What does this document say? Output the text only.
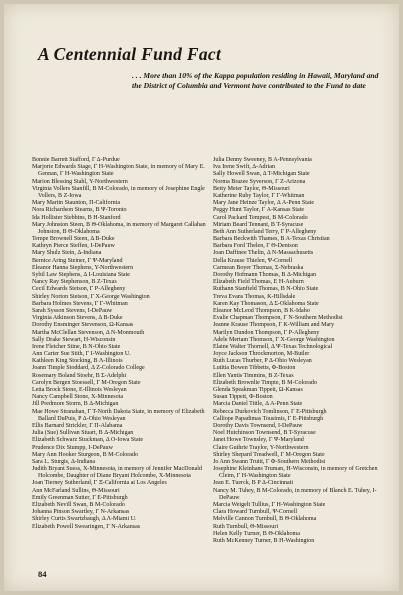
A Centennial Fund Fact

. . . More than 10% of the Kappa population residing in Hawaii, Maryland and the District of Columbia and Vermont have contributed to the Fund to date

Bonnie Barrett Stafford, Γ Δ-Purdue
Marjorie Edwards Stage, Γ H-Washington State, in memory of Mary E. Gennan, Γ H-Washington State
Marion Blessing Stahl, Υ-Northwestern
Virginia Vollers Stanfill, B M-Colorado, in memory of Josephine Engle Vollers, B Z-Iowa
Mary Martin Staunton, Π-California
Nora Richardson Stearns, B Ψ-Toronto
Ida Hollister Stebbins, B H-Stanford
Mary Johnston Steen, B Θ-Oklahoma, in memory of Margaret Callahan Johnston, B Θ-Oklahoma
Tempe Brownell Steen, Δ B-Duke
Kathryn Pierce Steffen, I-DePauw
Mary Shulz Stein, Δ-Indiana
Bernice Aring Steiner, Γ Ψ-Maryland
Eleanor Hanna Stephens, Υ-Northwestern
Sybil Law Stephens, Δ I-Louisiana State
Nancy Ray Stephenson, B Z-Texas
Cecil Edwards Stetson, Γ P-Allegheny
Shirley Norton Stetson, Γ X-George Washington
Barbara Holmes Stevens, Γ Γ-Whitman
Sarah Sysson Stevens, I-DePauw
Virginia Atkinson Stevens, Δ B-Duke
Dorothy Ensminger Stevenson, Ω-Kansas
Martha McClellan Stevenson, Δ N-Monmouth
Sally Drake Stewart, H-Wisconsin
Irene Fletcher Stine, B N-Ohio State
Ann Carter Sue Stith, Γ I-Washington U.
Kathleen King Stocking, B Λ-Illinois
Joann Timple Stoddard, Δ Z-Colorado College
Rosemary Boland Stoehr, B Σ-Adelphi
Carolyn Bergen Stoessell, Γ M-Oregon State
Letta Brock Stone, E-Illinois Wesleyan
Nancy Campbell Stone, X-Minnesota
Jill Predmore Storm, B Δ-Michigan
Mae Howe Stranahan, Γ T-North Dakota State, in memory of Elizabeth Ballard DuPuis, P Δ-Ohio Wesleyan
Ellis Barnard Strickler, Γ Π-Alabama
Julia (Sue) Sullivan Stuart, B Δ-Michigan
Elizabeth Schwarz Stuckman, Δ O-Iowa State
Prudence Dix Stumpp, I-DePauw
Mary Ann Hooker Sturgeon, B M-Colorado
Sara L. Sturgis, Δ-Indiana
Judith Bryant Suess, X-Minnesota, in memory of Jennifer MacDonald Holcombe, Daughter of Diane Bryant Holcombe, X-Minnesota
Joan Tierney Sutherland, Γ Ξ-California at Los Angeles
Ann McFarland Sullins, Θ-Missouri
Emily Greenman Sutter, Γ E-Pittsburgh
Elizabeth Nevill Swan, B M-Colorado
Johanna Pinson Swartley, Γ N-Arkansas
Shirley Curtis Swartzbaugh, Δ Λ-Miami U.
Elizabeth Powell Swearingen, Γ N-Arkansas
Julia Denny Sweeney, B A-Pennsylvania
Iva Irene Swift, Δ-Adrian
Sally Howell Swan, Δ T-Michigan State
Norma Brazee Syverson, Γ Z-Arizona
Betty Meier Taylor, Θ-Missouri
Katherine Ruby Taylor, Γ Γ-Whitman
Mary Jane Heinze Taylor, Δ A-Penn State
Peggy Hunt Taylor, Γ A-Kansas State
Carol Packard Tempest, B M-Colorado
Miriam Beard Tennant, B T-Syracuse
Beth Ann Sutherland Terry, Γ P-Allegheny
Barbara Beckwith Thames, B A-Texas Christian
Barbara Ford Thelen, Γ Θ-Denison
Joan Daffinee Thelin, Δ N-Massachusetts
Della Krause Thielen, Ψ-Cornell
Carmean Boyer Thomas, Σ-Nebraska
Dorothy Hofmann Thomas, B Δ-Michigan
Elizabeth Field Thomas, E H-Auburn
Ruthann Stanfield Thomas, B N-Ohio State
Treva Evans Thomas, K-Hillsdale
Karen Kay Thomason, Δ Σ-Oklahoma State
Eleanor McLeod Thompson, B K-Idaho
Evalie Chapman Thompson, Γ N-Southern Methodist
Jeanne Krause Thompson, Γ K-William and Mary
Marilyn Dundon Thompson, Γ P-Allegheny
Adele Mertam Thomson, Γ X-George Washington
Elaine Walter Thornell, Δ Ψ-Texas Technological
Joyce Jackson Throckmorton, M-Butler
Ruth Lucas Thurber, P Δ-Ohio Wesleyan
Lutitia Bowen Tibbetts, Φ-Boston
Ellen Yantis Timmins, B Z-Texas
Elizabeth Brownlie Timpte, B M-Colorado
Glenda Speakman Tippett, Ω-Kansas
Susan Tippett, Φ-Boston
Marcia Daniel Tittle, Δ A-Penn State
Rebecca Durkovich Tomlinson, Γ E-Pittsburgh
Calliope Papadimas Tousimis, Γ E-Pittsburgh
Dorothy Davis Townsend, I-DePauw
Noel Hutchinson Townsend, B T-Syracuse
Janet Howe Townsley, Γ Ψ-Maryland
Claire Guthrie Traylor, Υ-Northwestern
Shirley Shepard Treadwell, Γ M-Oregon State
Jo Ann Swann Truitt, Γ Φ-Southern Methodist
Josephine Kleinhans Truman, H-Wisconsin, in memory of Gretchen Cleim, Γ H-Washington State
Jean E. Tuerck, B P Δ-Cincinnati
Nancy M. Tuhey, B M-Colorado, in memory of Blanch E. Tuhey, I-DePauw
Marcia Weigelt Tullius, Γ H-Washington State
Clara Howard Turnbull, Ψ-Cornell
Melville Cannon Turnbull, B Θ-Oklahoma
Ruth Turnbull, Θ-Missouri
Helen Kelly Turner, B Θ-Oklahoma
Ruth McKenney Turner, B H-Washington

84
